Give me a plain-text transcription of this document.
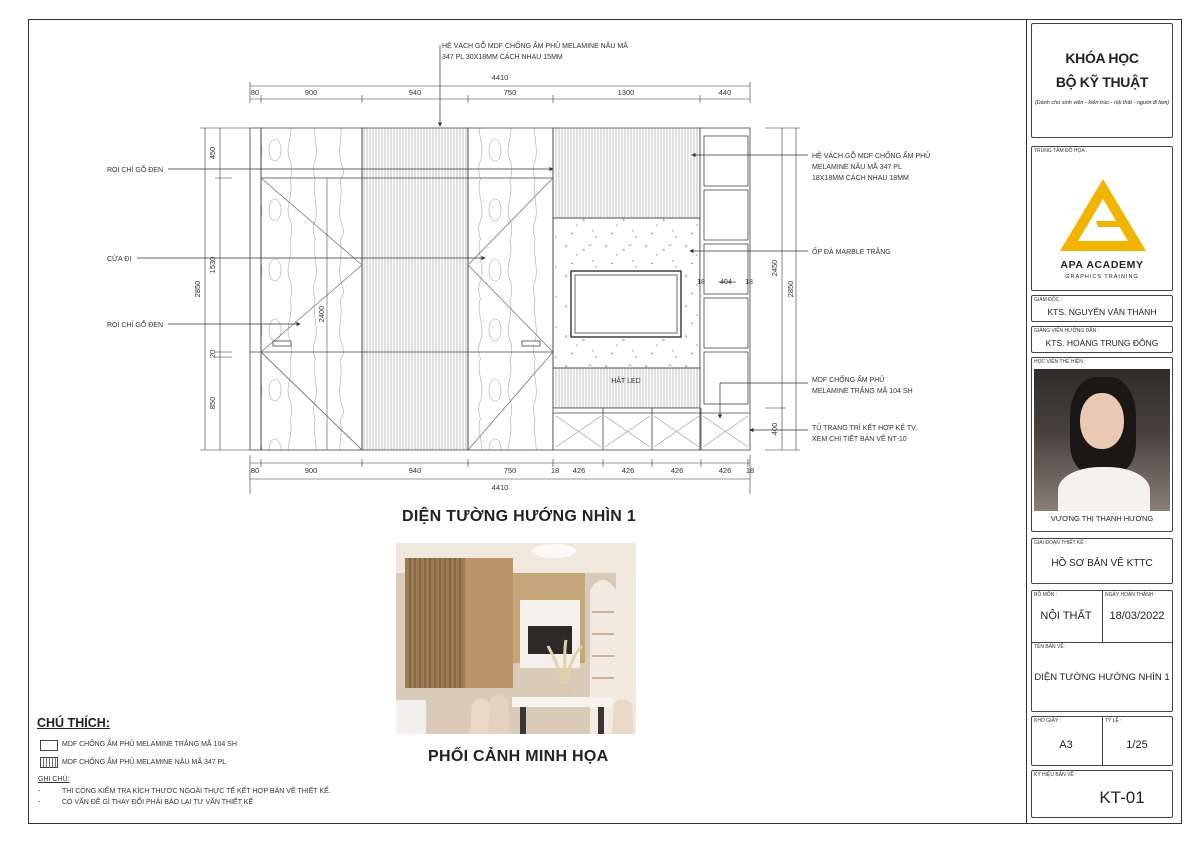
HỆ VÁCH GỖ MDF CHỐNG ẨM PHỦ MELAMINE NÂU MÃ
347 PL 30X18MM CÁCH NHAU 15MM
4410
80	900	940	750	1300	440
HẮT LED
18 404 18
450
1530
20
850
2850
2400
2450
400
2850
80	900	940	750	18 426	426	426	426 18
4410
RỌI CHỈ GỖ ĐEN
CỬA ĐI
RỌI CHỈ GỖ ĐEN
HỆ VÁCH GỖ MDF CHỐNG ẨM PHỦ
MELAMINE NÂU MÃ 347 PL
18X18MM CÁCH NHAU 18MM
ỐP ĐÁ MARBLE TRẮNG
MDF CHỐNG ẨM PHỦ
MELAMINE TRẮNG MÃ 104 SH
TỦ TRANG TRÍ KẾT HỢP KỆ TV,
XEM CHI TIẾT BẢN VẼ NT-10
DIỆN TƯỜNG HƯỚNG NHÌN 1
PHỐI CẢNH MINH HỌA
CHÚ THÍCH:
MDF CHỐNG ẨM PHỦ MELAMINE TRẮNG MÃ 104 SH
MDF CHỐNG ẨM PHỦ MELAMINE NÂU MÃ 347 PL
GHI CHÚ:
-	THI CÔNG KIỂM TRA KÍCH THƯỚC NGOÀI THỰC TẾ KẾT HỢP BẢN VẼ THIẾT KẾ.
-	CÓ VẤN ĐỀ GÌ THAY ĐỔI PHẢI BÁO LẠI TƯ VẤN THIẾT KẾ
KHÓA HỌC
BỘ KỸ THUẬT
(Dành cho sinh viên - kiến trúc - nội thất - người đi làm)
TRUNG TÂM ĐỒ HỌA :
APA ACADEMY
GRAPHICS TRAINING
GIÁM ĐỐC :
KTS. NGUYỄN VĂN THÀNH
GIẢNG VIÊN HƯỚNG DẪN :
KTS. HOÀNG TRUNG ĐÔNG
HỌC VIÊN THỂ HIỆN :
VƯƠNG THỊ THANH HƯƠNG
GIAI ĐOẠN THIẾT KẾ :
HỒ SƠ BẢN VẼ KTTC
BỘ MÔN :	NGÀY HOÀN THÀNH :
NỘI THẤT	18/03/2022
TÊN BẢN VẼ :
DIỆN TƯỜNG HƯỚNG NHÌN 1
KHỔ GIẤY :	TỶ LỆ :
A3	1/25
KÝ HIỆU BẢN VẼ :
KT-01
